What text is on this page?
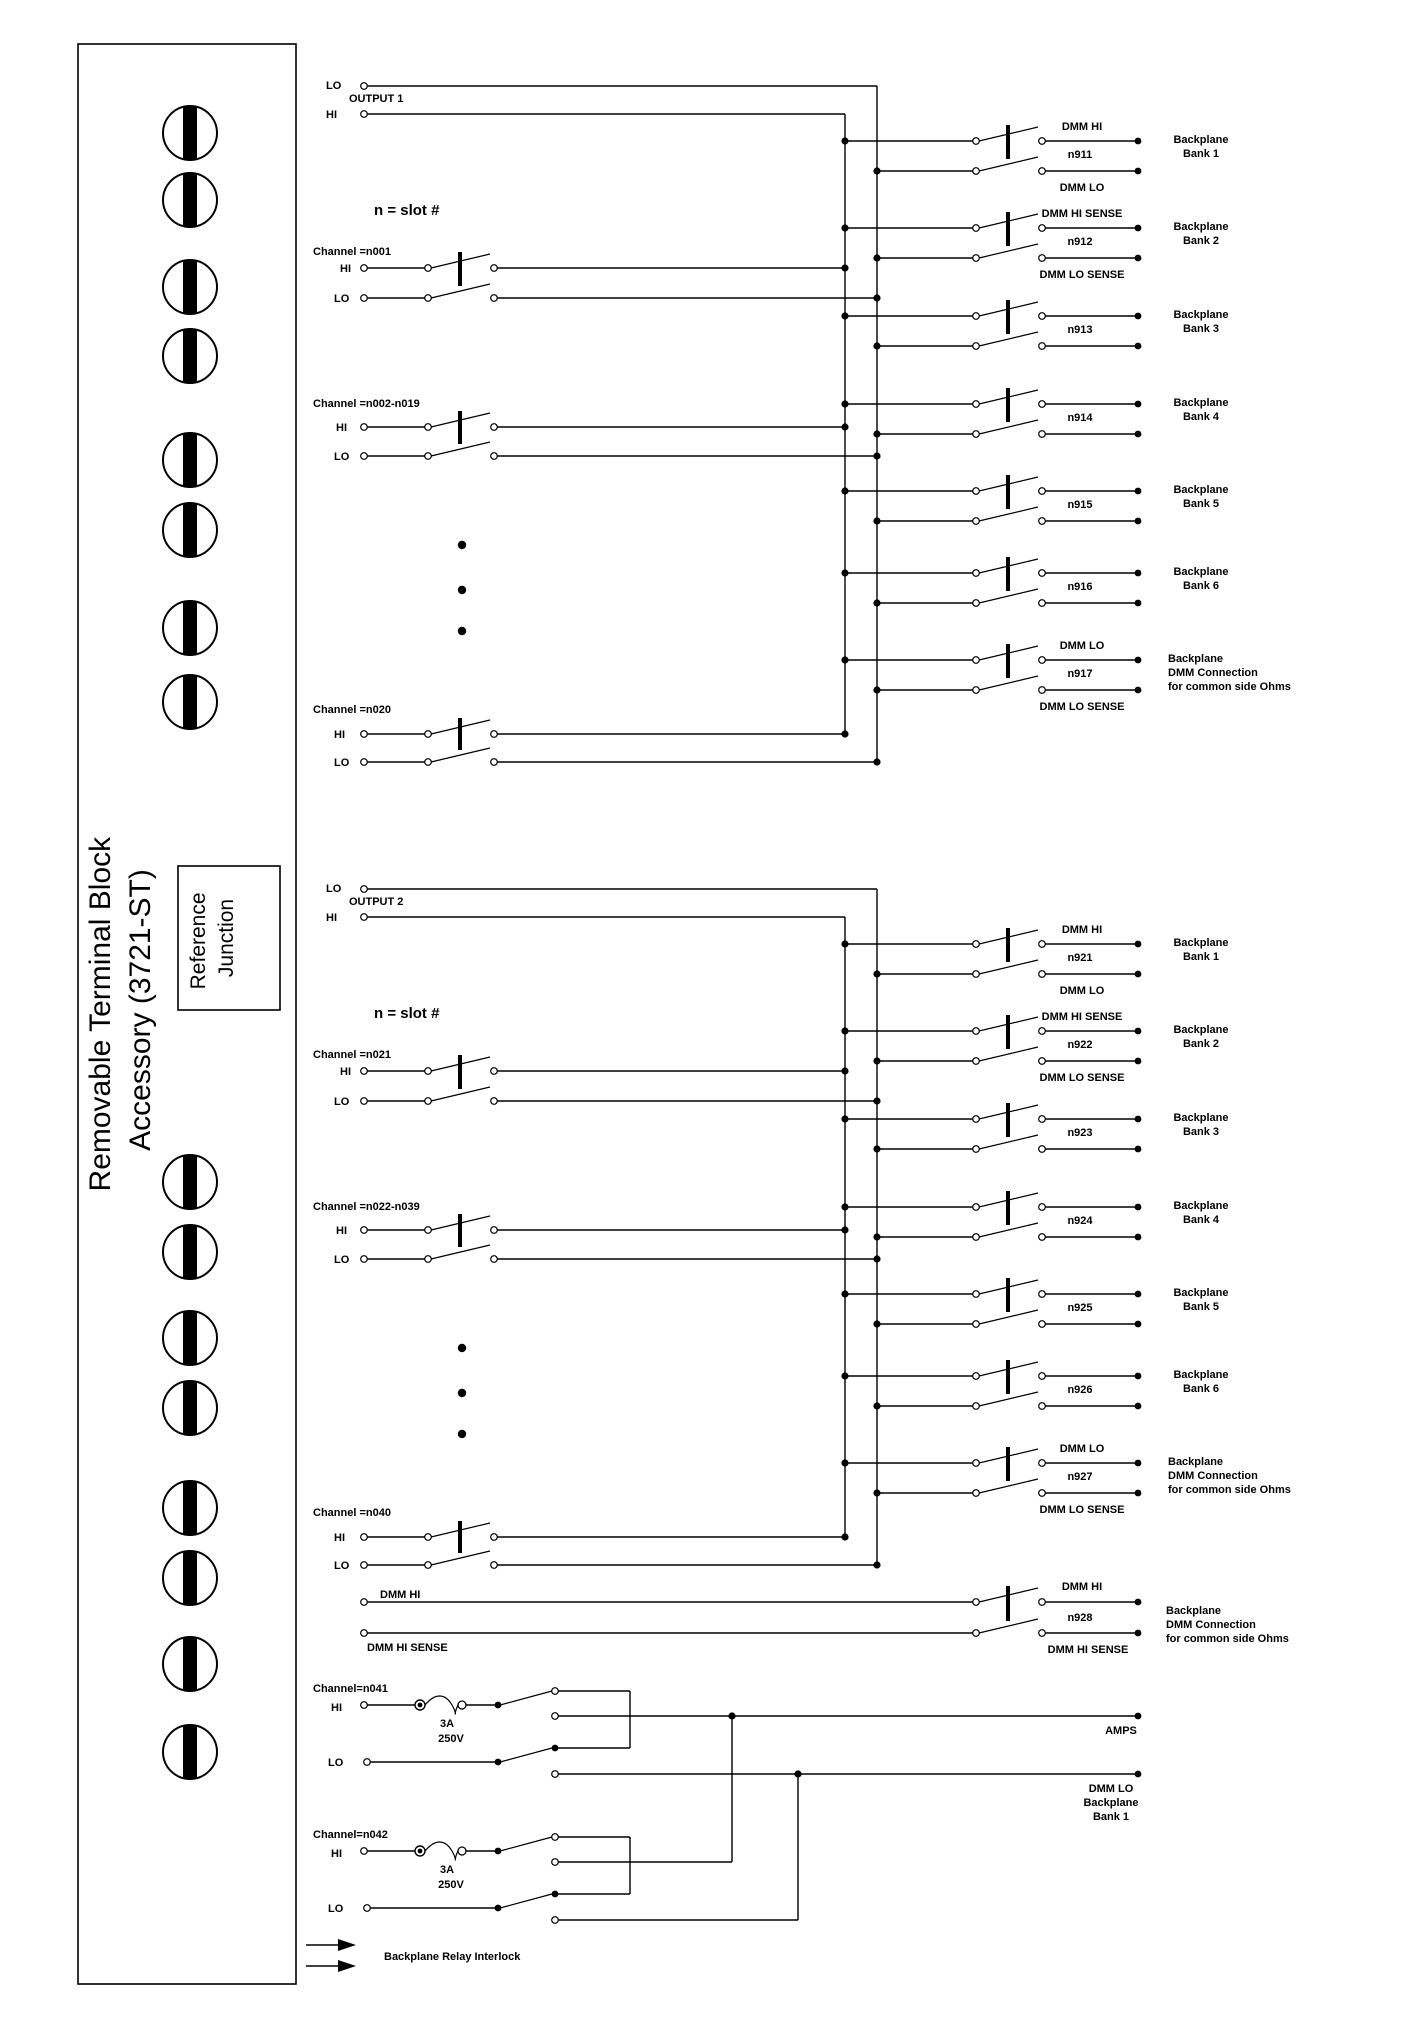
Removable Terminal Block Accessory (3721-ST) Reference Junction
LO
HI
OUTPUT 1
n = slot #
Channel =n001
HI
LO
Channel =n002-n019
HI
LO
Channel =n020
HI
LO
n911
DMM HI
DMM LO
Backplane
Bank 1
n912
DMM HI SENSE
DMM LO SENSE
Backplane
Bank 2
n913
Backplane
Bank 3
n914
Backplane
Bank 4
n915
Backplane
Bank 5
n916
Backplane
Bank 6
n917
DMM LO
DMM LO SENSE
Backplane
DMM Connection
for common side Ohms
LO
HI
OUTPUT 2
n = slot #
Channel =n021
HI
LO
Channel =n022-n039
HI
LO
Channel =n040
HI
LO
n921
DMM HI
DMM LO
Backplane
Bank 1
n922
DMM HI SENSE
DMM LO SENSE
Backplane
Bank 2
n923
Backplane
Bank 3
n924
Backplane
Bank 4
n925
Backplane
Bank 5
n926
Backplane
Bank 6
n927
DMM LO
DMM LO SENSE
Backplane
DMM Connection
for common side Ohms
DMM HI
DMM HI SENSE
n928
DMM HI
DMM HI SENSE
Backplane
DMM Connection
for common side Ohms
Channel=n041
HI
LO
3A
250V
Channel=n042
HI
LO
3A
250V
AMPS
DMM LO
Backplane
Bank 1
Backplane Relay Interlock
